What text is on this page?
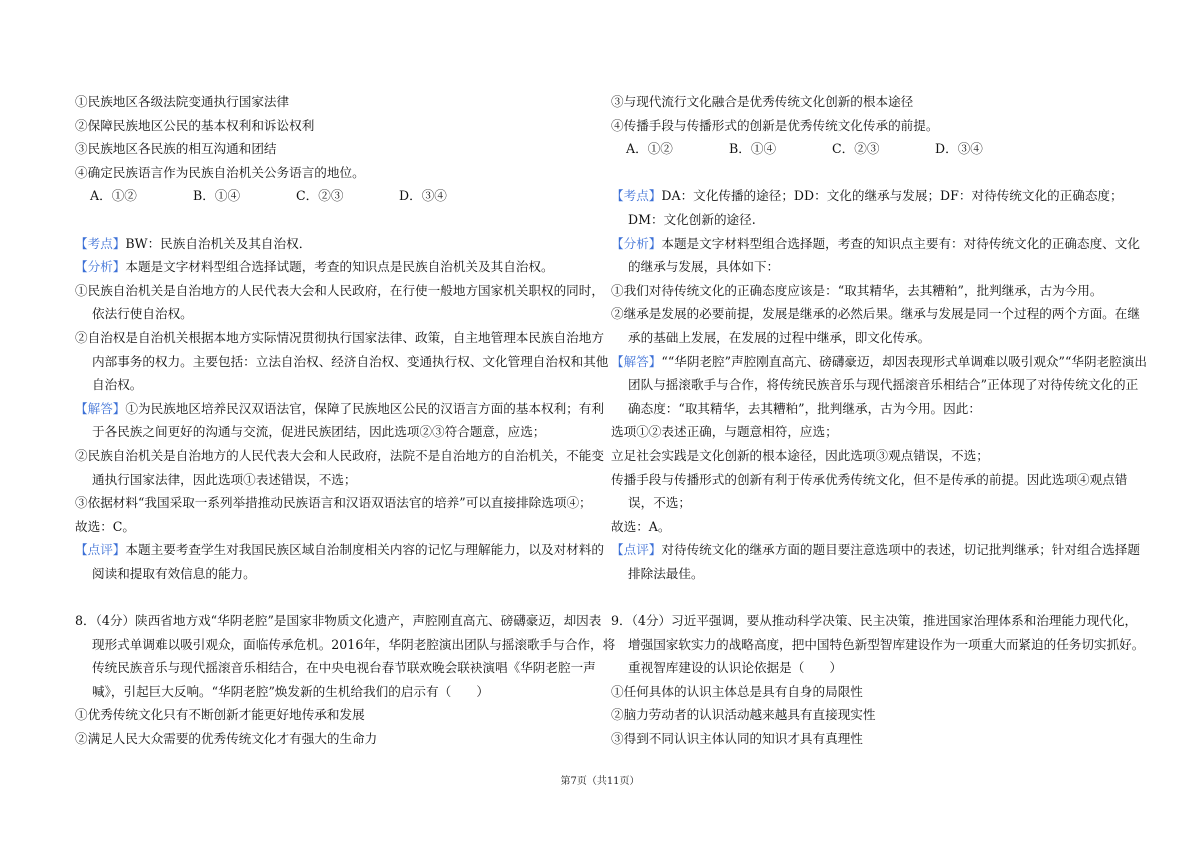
①民族地区各级法院变通执行国家法律

②保障民族地区公民的基本权利和诉讼权利

③民族地区各民族的相互沟通和团结

④确定民族语言作为民族自治机关公务语言的地位。

A．①②	B．①④	C．②③	D．③④

【考点】BW：民族自治机关及其自治权．

【分析】本题是文字材料型组合选择试题，考查的知识点是民族自治机关及其自治权。

①民族自治机关是自治地方的人民代表大会和人民政府，在行使一般地方国家机关职权的同时，

依法行使自治权。

②自治权是自治机关根据本地方实际情况贯彻执行国家法律、政策，自主地管理本民族自治地方

内部事务的权力。主要包括：立法自治权、经济自治权、变通执行权、文化管理自治权和其他

自治权。

【解答】①为民族地区培养民汉双语法官，保障了民族地区公民的汉语言方面的基本权利；有利

于各民族之间更好的沟通与交流，促进民族团结，因此选项②③符合题意，应选；

②民族自治机关是自治地方的人民代表大会和人民政府，法院不是自治地方的自治机关，不能变

通执行国家法律，因此选项①表述错误，不选；

③依据材料“我国采取一系列举措推动民族语言和汉语双语法官的培养”可以直接排除选项④；

故选：C。

【点评】本题主要考查学生对我国民族区域自治制度相关内容的记忆与理解能力，以及对材料的

阅读和提取有效信息的能力。

8．（4分）陕西省地方戏“华阴老腔”是国家非物质文化遗产，声腔刚直高亢、磅礴豪迈，却因表

现形式单调难以吸引观众，面临传承危机。2016年，华阴老腔演出团队与摇滚歌手与合作，将

传统民族音乐与现代摇滚音乐相结合，在中央电视台春节联欢晚会联袂演唱《华阴老腔一声

喊》，引起巨大反响。“华阴老腔”焕发新的生机给我们的启示有（　　）

①优秀传统文化只有不断创新才能更好地传承和发展

②满足人民大众需要的优秀传统文化才有强大的生命力

③与现代流行文化融合是优秀传统文化创新的根本途径

④传播手段与传播形式的创新是优秀传统文化传承的前提。

A．①②	B．①④	C．②③	D．③④

【考点】DA：文化传播的途径；DD：文化的继承与发展；DF：对待传统文化的正确态度；

DM：文化创新的途径.

【分析】本题是文字材料型组合选择题，考查的知识点主要有：对待传统文化的正确态度、文化

的继承与发展，具体如下：

①我们对待传统文化的正确态度应该是：“取其精华，去其糟粕”，批判继承，古为今用。

②继承是发展的必要前提，发展是继承的必然后果。继承与发展是同一个过程的两个方面。在继

承的基础上发展，在发展的过程中继承，即文化传承。

【解答】““华阴老腔”声腔刚直高亢、磅礴豪迈，却因表现形式单调难以吸引观众”“华阴老腔演出

团队与摇滚歌手与合作，将传统民族音乐与现代摇滚音乐相结合”正体现了对待传统文化的正

确态度：“取其精华，去其糟粕”，批判继承，古为今用。因此：

选项①②表述正确，与题意相符，应选；

立足社会实践是文化创新的根本途径，因此选项③观点错误，不选；

传播手段与传播形式的创新有利于传承优秀传统文化，但不是传承的前提。因此选项④观点错

误，不选；

故选：A。

【点评】对待传统文化的继承方面的题目要注意选项中的表述，切记批判继承；针对组合选择题

排除法最佳。

9．（4分）习近平强调，要从推动科学决策、民主决策，推进国家治理体系和治理能力现代化，

增强国家软实力的战略高度，把中国特色新型智库建设作为一项重大而紧迫的任务切实抓好。

重视智库建设的认识论依据是（　　）

①任何具体的认识主体总是具有自身的局限性

②脑力劳动者的认识活动越来越具有直接现实性

③得到不同认识主体认同的知识才具有真理性

第7页（共11页）
